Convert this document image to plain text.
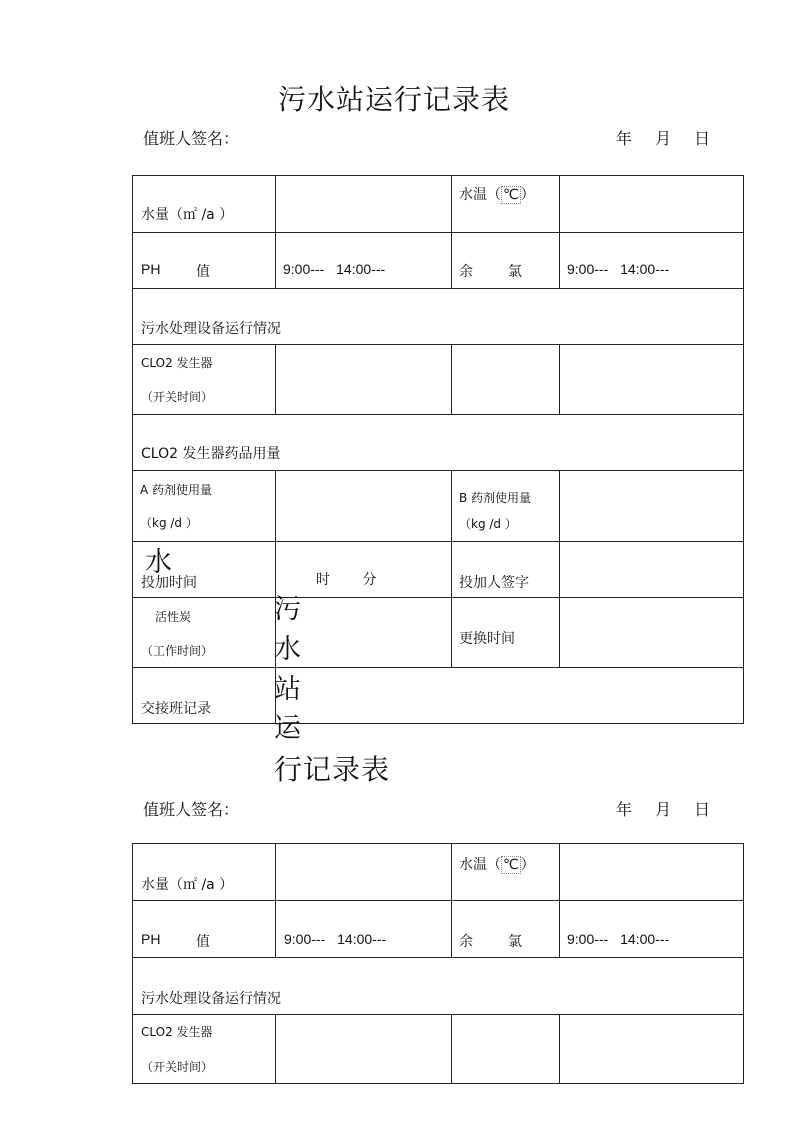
污水站运行记录表
值班人签名：	年 月 日
水量（㎡ /a ）		水温（ ℃ ）	

PH 值	9:00--- 14:00---	余 氯	9:00--- 14:00---

污水处理设备运行情况			

CLO2 发生器
（开关时间）			

CLO2 发生器药品用量			

A 药剂使用量
（kg /d ）		B 药剂使用量
（kg /d ）	

投加时间	时 分	投加人签字	

活性炭
（工作时间）		更换时间	

交接班记录			

水
污
水
站
运
行记录表
值班人签名：	年 月 日
水量（㎡ /a ）		水温（ ℃ ）	

PH 值	9:00--- 14:00---	余 氯	9:00--- 14:00---

污水处理设备运行情况			

CLO2 发生器
（开关时间）			
